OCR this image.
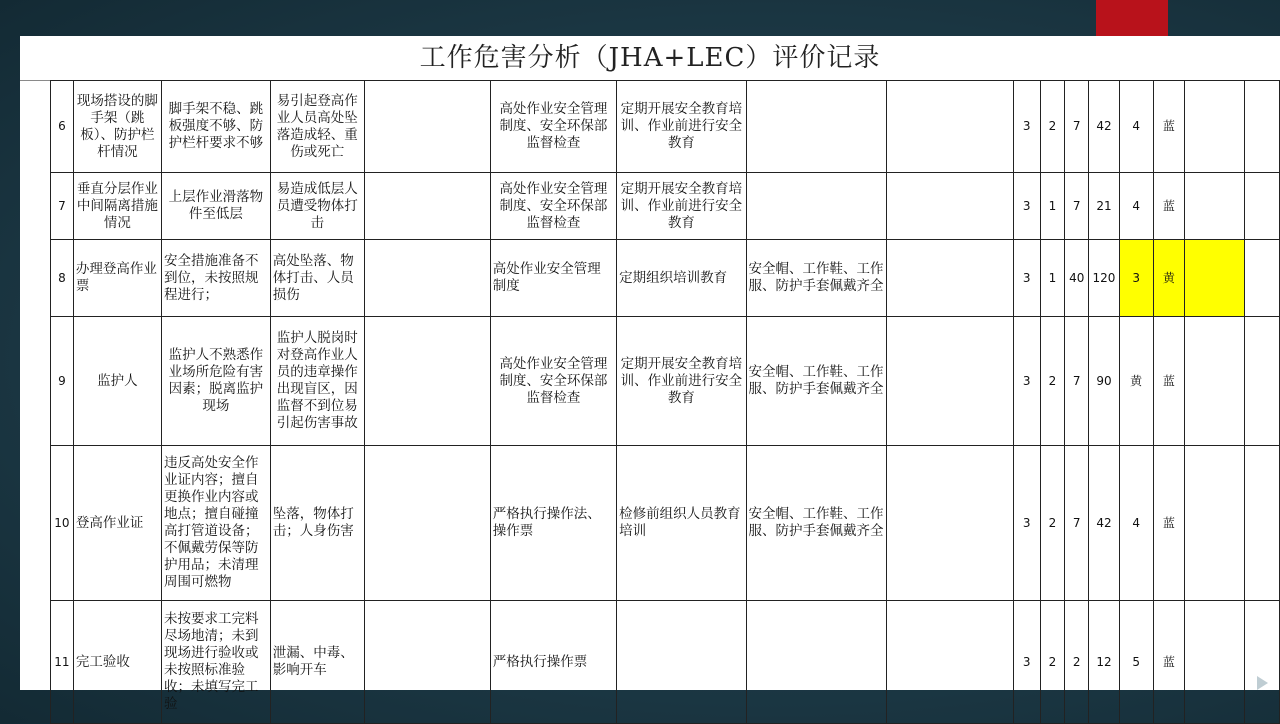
工作危害分析（JHA+LEC）评价记录
6	现场搭设的脚手架（跳板）、防护栏杆情况	脚手架不稳、跳板强度不够、防护栏杆要求不够	易引起登高作业人员高处坠落造成轻、重伤或死亡		高处作业安全管理制度、安全环保部监督检查	定期开展安全教育培训、作业前进行安全教育			3	2	7	42	4	蓝		
7	垂直分层作业中间隔离措施情况	上层作业滑落物件至低层	易造成低层人员遭受物体打击		高处作业安全管理制度、安全环保部监督检查	定期开展安全教育培训、作业前进行安全教育			3	1	7	21	4	蓝		
8	办理登高作业票	安全措施准备不到位，未按照规程进行；	高处坠落、物体打击、人员损伤		高处作业安全管理制度	定期组织培训教育	安全帽、工作鞋、工作服、防护手套佩戴齐全		3	1	40	120	3	黄		
9	监护人	监护人不熟悉作业场所危险有害因素；脱离监护现场	监护人脱岗时对登高作业人员的违章操作出现盲区，因监督不到位易引起伤害事故		高处作业安全管理制度、安全环保部监督检查	定期开展安全教育培训、作业前进行安全教育	安全帽、工作鞋、工作服、防护手套佩戴齐全		3	2	7	90	黄	蓝		
10	登高作业证	违反高处安全作业证内容；擅自更换作业内容或地点；擅自碰撞高打管道设备；不佩戴劳保等防护用品；未清理周围可燃物	坠落，物体打击；人身伤害		严格执行操作法、操作票	检修前组织人员教育培训	安全帽、工作鞋、工作服、防护手套佩戴齐全		3	2	7	42	4	蓝		
11	完工验收	未按要求工完料尽场地清；未到现场进行验收或未按照标准验收；未填写完工验	泄漏、中毒、影响开车		严格执行操作票				3	2	2	12	5	蓝		
